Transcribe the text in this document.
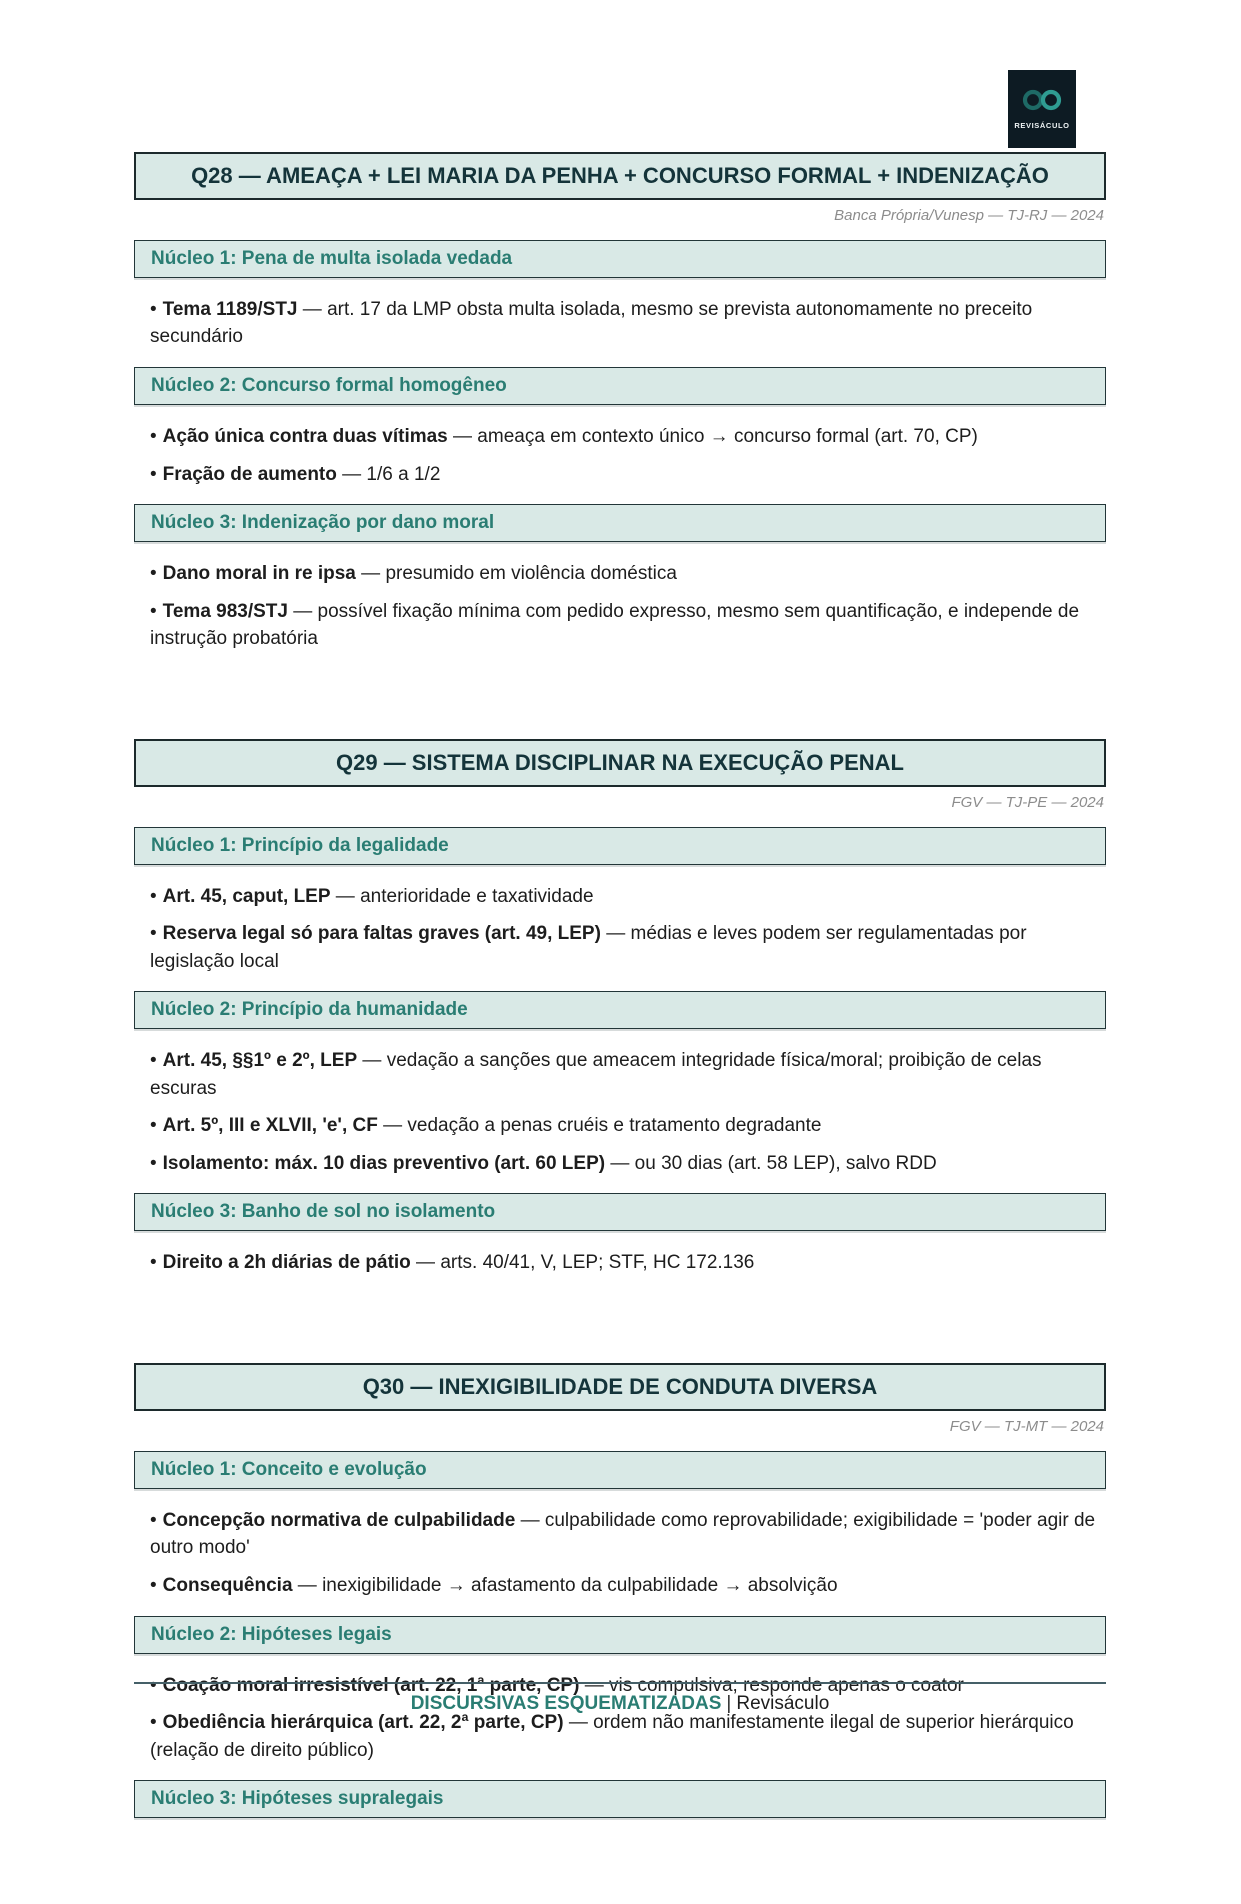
REVISÁCULO
Q28 — AMEAÇA + LEI MARIA DA PENHA + CONCURSO FORMAL + INDENIZAÇÃO
Banca Própria/Vunesp — TJ-RJ — 2024
Núcleo 1: Pena de multa isolada vedada

• Tema 1189/STJ — art. 17 da LMP obsta multa isolada, mesmo se prevista autonomamente no preceito secundário

Núcleo 2: Concurso formal homogêneo

• Ação única contra duas vítimas — ameaça em contexto único → concurso formal (art. 70, CP)

• Fração de aumento — 1/6 a 1/2

Núcleo 3: Indenização por dano moral

• Dano moral in re ipsa — presumido em violência doméstica

• Tema 983/STJ — possível fixação mínima com pedido expresso, mesmo sem quantificação, e independe de instrução probatória

Q29 — SISTEMA DISCIPLINAR NA EXECUÇÃO PENAL
FGV — TJ-PE — 2024
Núcleo 1: Princípio da legalidade

• Art. 45, caput, LEP — anterioridade e taxatividade

• Reserva legal só para faltas graves (art. 49, LEP) — médias e leves podem ser regulamentadas por legislação local

Núcleo 2: Princípio da humanidade

• Art. 45, §§1º e 2º, LEP — vedação a sanções que ameacem integridade física/moral; proibição de celas escuras

• Art. 5º, III e XLVII, 'e', CF — vedação a penas cruéis e tratamento degradante

• Isolamento: máx. 10 dias preventivo (art. 60 LEP) — ou 30 dias (art. 58 LEP), salvo RDD

Núcleo 3: Banho de sol no isolamento

• Direito a 2h diárias de pátio — arts. 40/41, V, LEP; STF, HC 172.136

Q30 — INEXIGIBILIDADE DE CONDUTA DIVERSA
FGV — TJ-MT — 2024
Núcleo 1: Conceito e evolução

• Concepção normativa de culpabilidade — culpabilidade como reprovabilidade; exigibilidade = 'poder agir de outro modo'

• Consequência — inexigibilidade → afastamento da culpabilidade → absolvição

Núcleo 2: Hipóteses legais

• Coação moral irresistível (art. 22, 1ª parte, CP) — vis compulsiva; responde apenas o coator

• Obediência hierárquica (art. 22, 2ª parte, CP) — ordem não manifestamente ilegal de superior hierárquico (relação de direito público)

Núcleo 3: Hipóteses supralegais
DISCURSIVAS ESQUEMATIZADAS | Revisáculo
